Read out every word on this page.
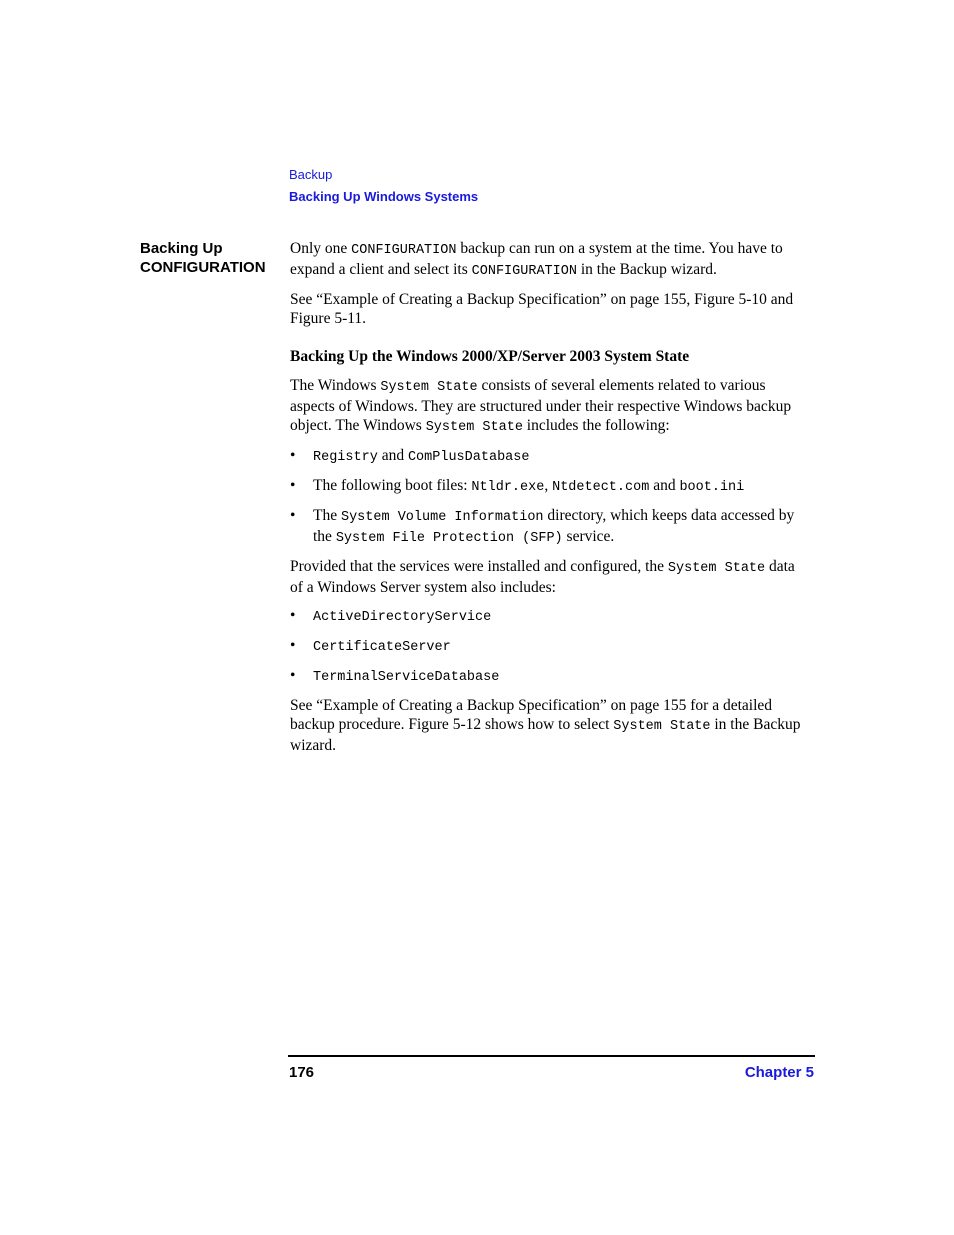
Backup
Backing Up Windows Systems
Backing Up
CONFIGURATION

Only one CONFIGURATION backup can run on a system at the time. You have to expand a client and select its CONFIGURATION in the Backup wizard.

See “Example of Creating a Backup Specification” on page 155, Figure 5-10 and Figure 5-11.

Backing Up the Windows 2000/XP/Server 2003 System State

The Windows System State consists of several elements related to various aspects of Windows. They are structured under their respective Windows backup object. The Windows System State includes the following:

• Registry and ComPlusDatabase
• The following boot files: Ntldr.exe, Ntdetect.com and boot.ini
• The System Volume Information directory, which keeps data accessed by the System File Protection (SFP) service.

Provided that the services were installed and configured, the System State data of a Windows Server system also includes:

• ActiveDirectoryService
• CertificateServer
• TerminalServiceDatabase

See “Example of Creating a Backup Specification” on page 155 for a detailed backup procedure. Figure 5-12 shows how to select System State in the Backup wizard.

176	Chapter 5
